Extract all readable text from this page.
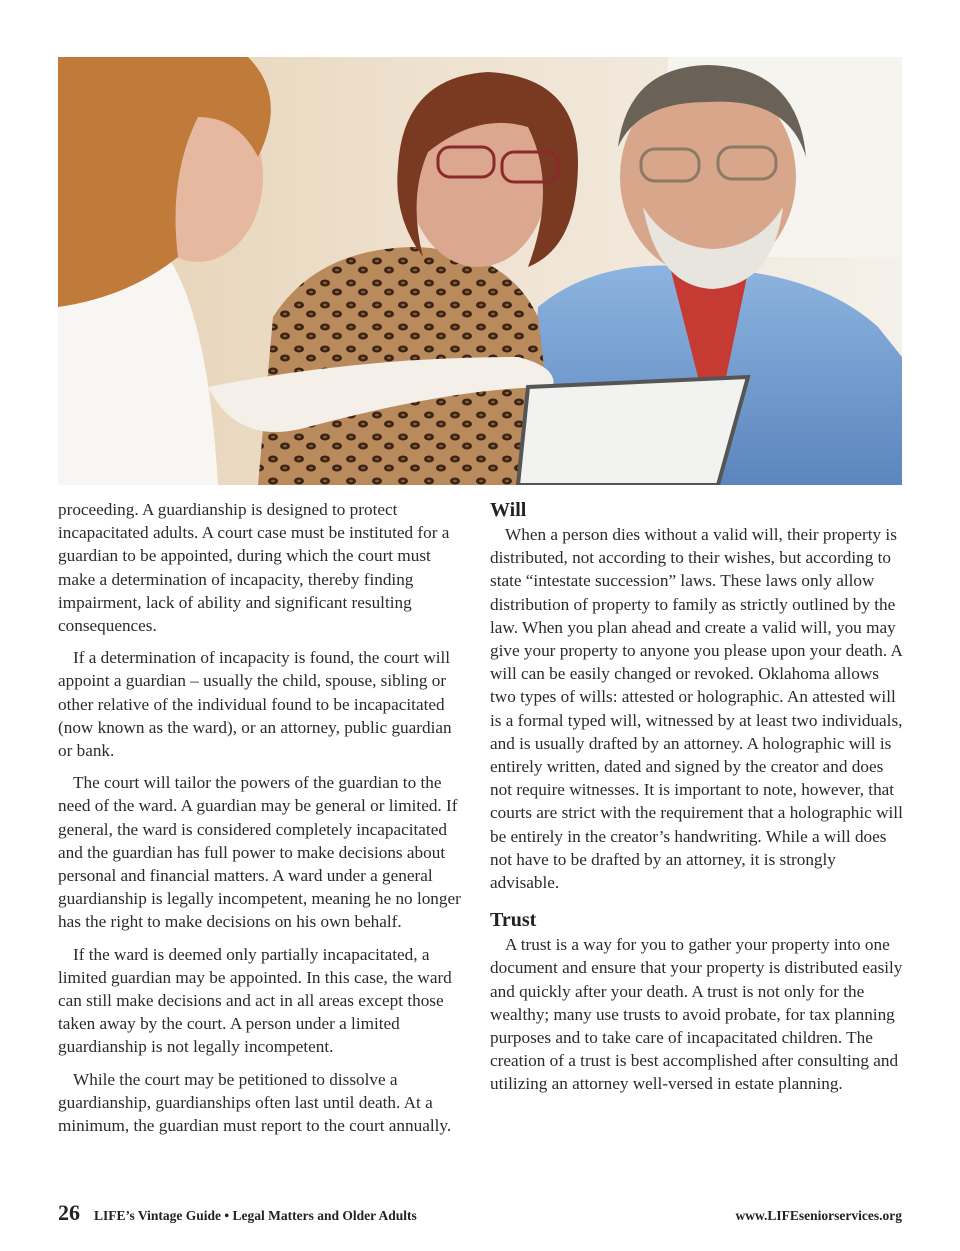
proceeding. A guardianship is designed to protect incapacitated adults. A court case must be instituted for a guardian to be appointed, during which the court must make a determination of incapacity, thereby finding impairment, lack of ability and significant resulting consequences.

If a determination of incapacity is found, the court will appoint a guardian – usually the child, spouse, sibling or other relative of the individual found to be incapacitated (now known as the ward), or an attorney, public guardian or bank.

The court will tailor the powers of the guardian to the need of the ward. A guardian may be general or limited. If general, the ward is considered completely incapacitated and the guardian has full power to make decisions about personal and financial matters. A ward under a general guardianship is legally incompetent, meaning he no longer has the right to make decisions on his own behalf.

If the ward is deemed only partially incapacitated, a limited guardian may be appointed. In this case, the ward can still make decisions and act in all areas except those taken away by the court. A person under a limited guardianship is not legally incompetent.

While the court may be petitioned to dissolve a guardianship, guardianships often last until death. At a minimum, the guardian must report to the court annually.

Will

When a person dies without a valid will, their property is distributed, not according to their wishes, but according to state “intestate succession” laws. These laws only allow distribution of property to family as strictly outlined by the law. When you plan ahead and create a valid will, you may give your property to anyone you please upon your death. A will can be easily changed or revoked. Oklahoma allows two types of wills: attested or holographic. An attested will is a formal typed will, witnessed by at least two individuals, and is usually drafted by an attorney. A holographic will is entirely written, dated and signed by the creator and does not require witnesses. It is important to note, however, that courts are strict with the requirement that a holographic will be entirely in the creator’s handwriting. While a will does not have to be drafted by an attorney, it is strongly advisable.

Trust

A trust is a way for you to gather your property into one document and ensure that your property is distributed easily and quickly after your death. A trust is not only for the wealthy; many use trusts to avoid probate, for tax planning purposes and to take care of incapacitated children. The creation of a trust is best accomplished after consulting and utilizing an attorney well-versed in estate planning.

26 LIFE’s Vintage Guide • Legal Matters and Older Adults	www.LIFEseniorservices.org
